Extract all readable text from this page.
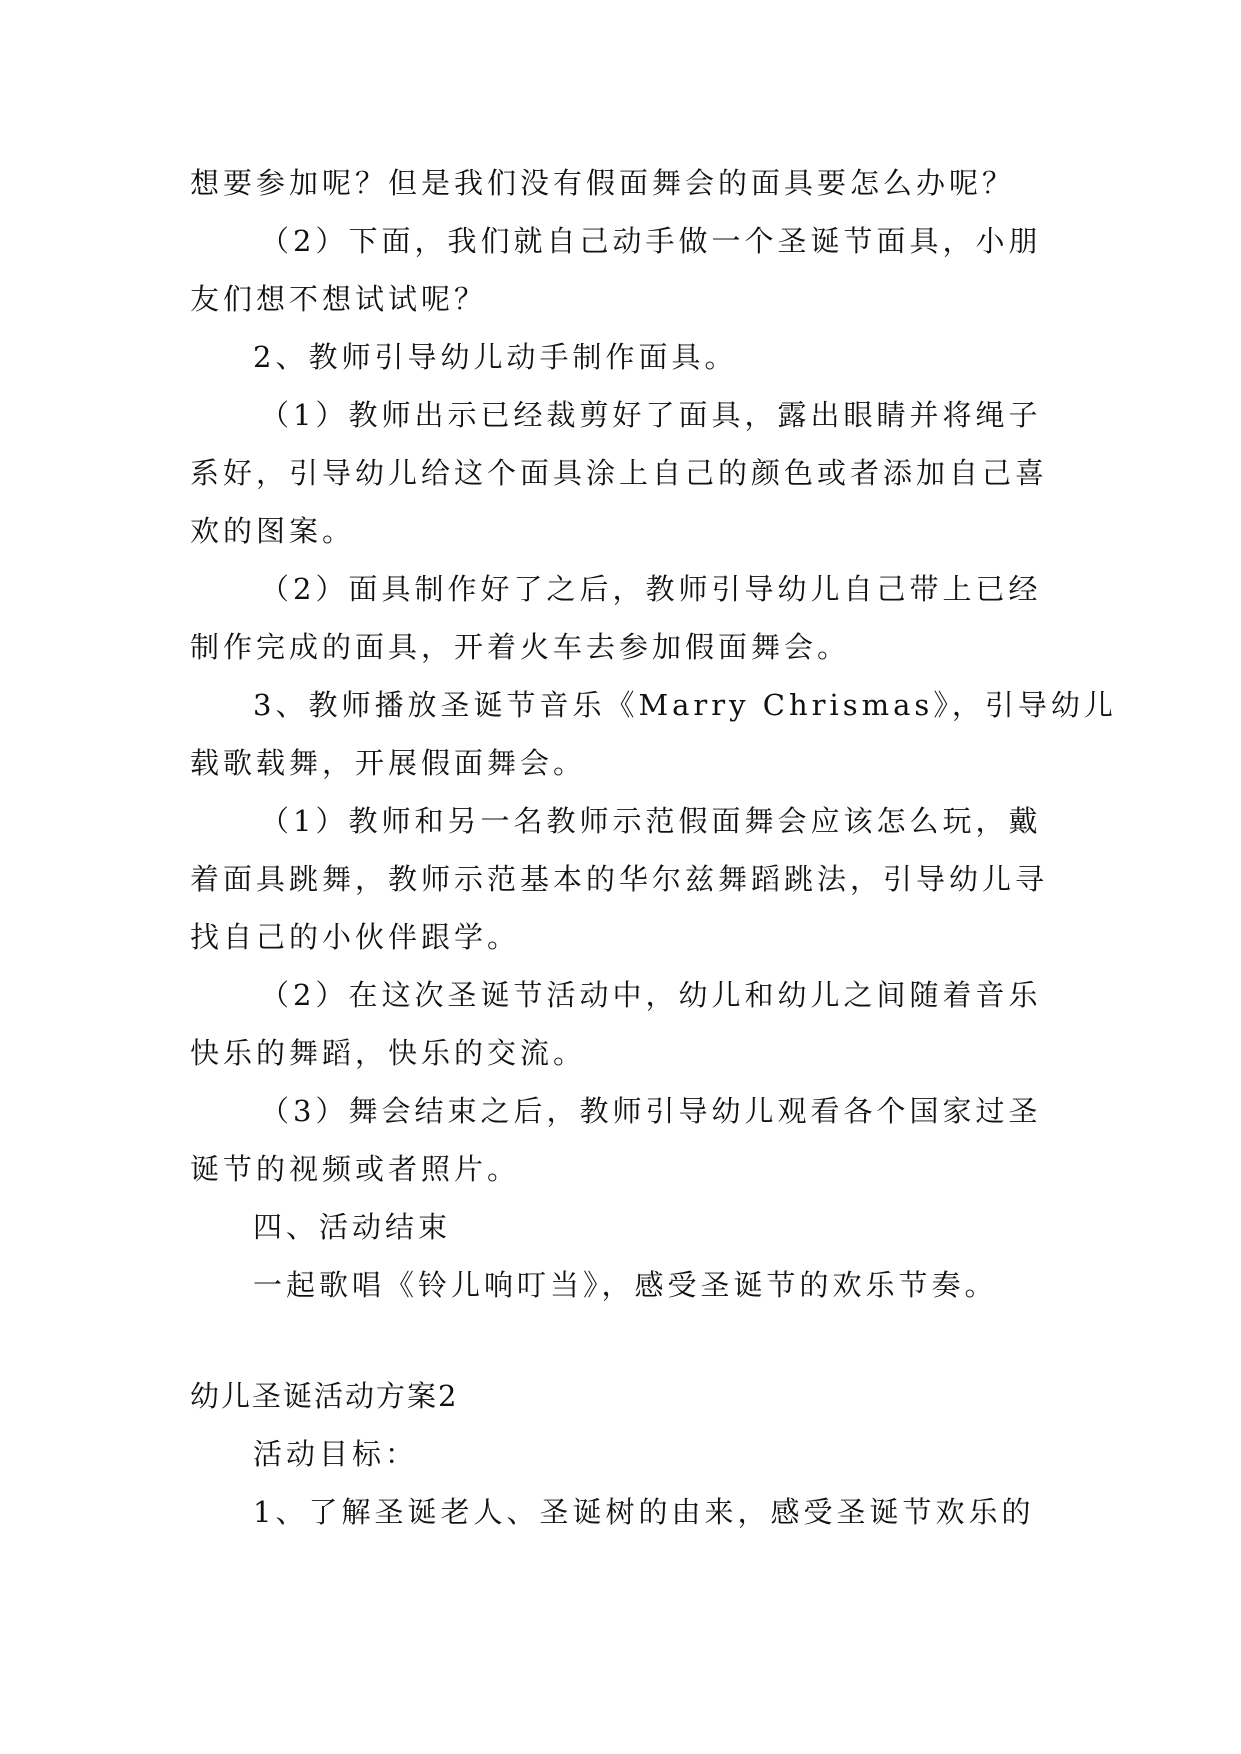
想要参加呢？但是我们没有假面舞会的面具要怎么办呢？
（2）下面，我们就自己动手做一个圣诞节面具，小朋
友们想不想试试呢？
2、教师引导幼儿动手制作面具。
（1）教师出示已经裁剪好了面具，露出眼睛并将绳子
系好，引导幼儿给这个面具涂上自己的颜色或者添加自己喜
欢的图案。
（2）面具制作好了之后，教师引导幼儿自己带上已经
制作完成的面具，开着火车去参加假面舞会。
3、教师播放圣诞节音乐《Marry Chrismas》，引导幼儿
载歌载舞，开展假面舞会。
（1）教师和另一名教师示范假面舞会应该怎么玩，戴
着面具跳舞，教师示范基本的华尔兹舞蹈跳法，引导幼儿寻
找自己的小伙伴跟学。
（2）在这次圣诞节活动中，幼儿和幼儿之间随着音乐
快乐的舞蹈，快乐的交流。
（3）舞会结束之后，教师引导幼儿观看各个国家过圣
诞节的视频或者照片。
四、活动结束
一起歌唱《铃儿响叮当》，感受圣诞节的欢乐节奏。
幼儿圣诞活动方案2
活动目标：
1、了解圣诞老人、圣诞树的由来，感受圣诞节欢乐的
